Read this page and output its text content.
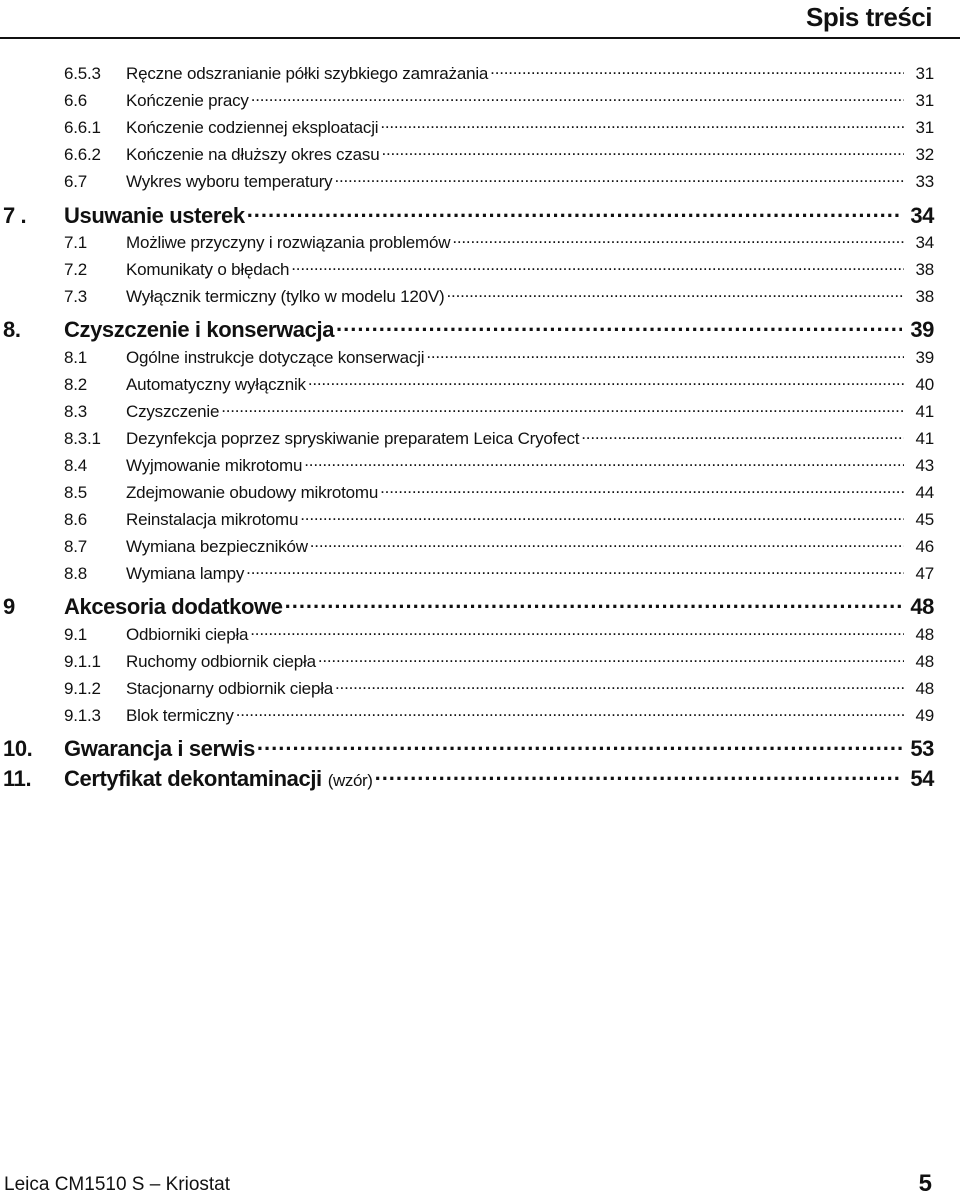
Spis treści
6.5.3	Ręczne odszranianie półki szybkiego zamrażania .....	31
6.6	Kończenie pracy .....	31
6.6.1	Kończenie codziennej eksploatacji .....	31
6.6.2	Kończenie na dłuższy okres czasu .....	32
6.7	Wykres wyboru temperatury .....	33
7 .	Usuwanie usterek .....	34
7.1	Możliwe przyczyny i rozwiązania problemów .....	34
7.2	Komunikaty o błędach .....	38
7.3	Wyłącznik termiczny (tylko w modelu 120V) .....	38
8.	Czyszczenie i konserwacja .....	39
8.1	Ogólne instrukcje dotyczące konserwacji .....	39
8.2	Automatyczny wyłącznik .....	40
8.3	Czyszczenie .....	41
8.3.1	Dezynfekcja poprzez spryskiwanie preparatem Leica Cryofect .....	41
8.4	Wyjmowanie mikrotomu .....	43
8.5	Zdejmowanie obudowy mikrotomu .....	44
8.6	Reinstalacja mikrotomu .....	45
8.7	Wymiana bezpieczników .....	46
8.8	Wymiana lampy .....	47
9	Akcesoria dodatkowe .....	48
9.1	Odbiorniki ciepła .....	48
9.1.1	Ruchomy odbiornik ciepła .....	48
9.1.2	Stacjonarny odbiornik ciepła .....	48
9.1.3	Blok termiczny .....	49
10.	Gwarancja i serwis .....	53
11.	Certyfikat dekontaminacji (wzór) .....	54
Leica CM1510 S – Kriostat	5
